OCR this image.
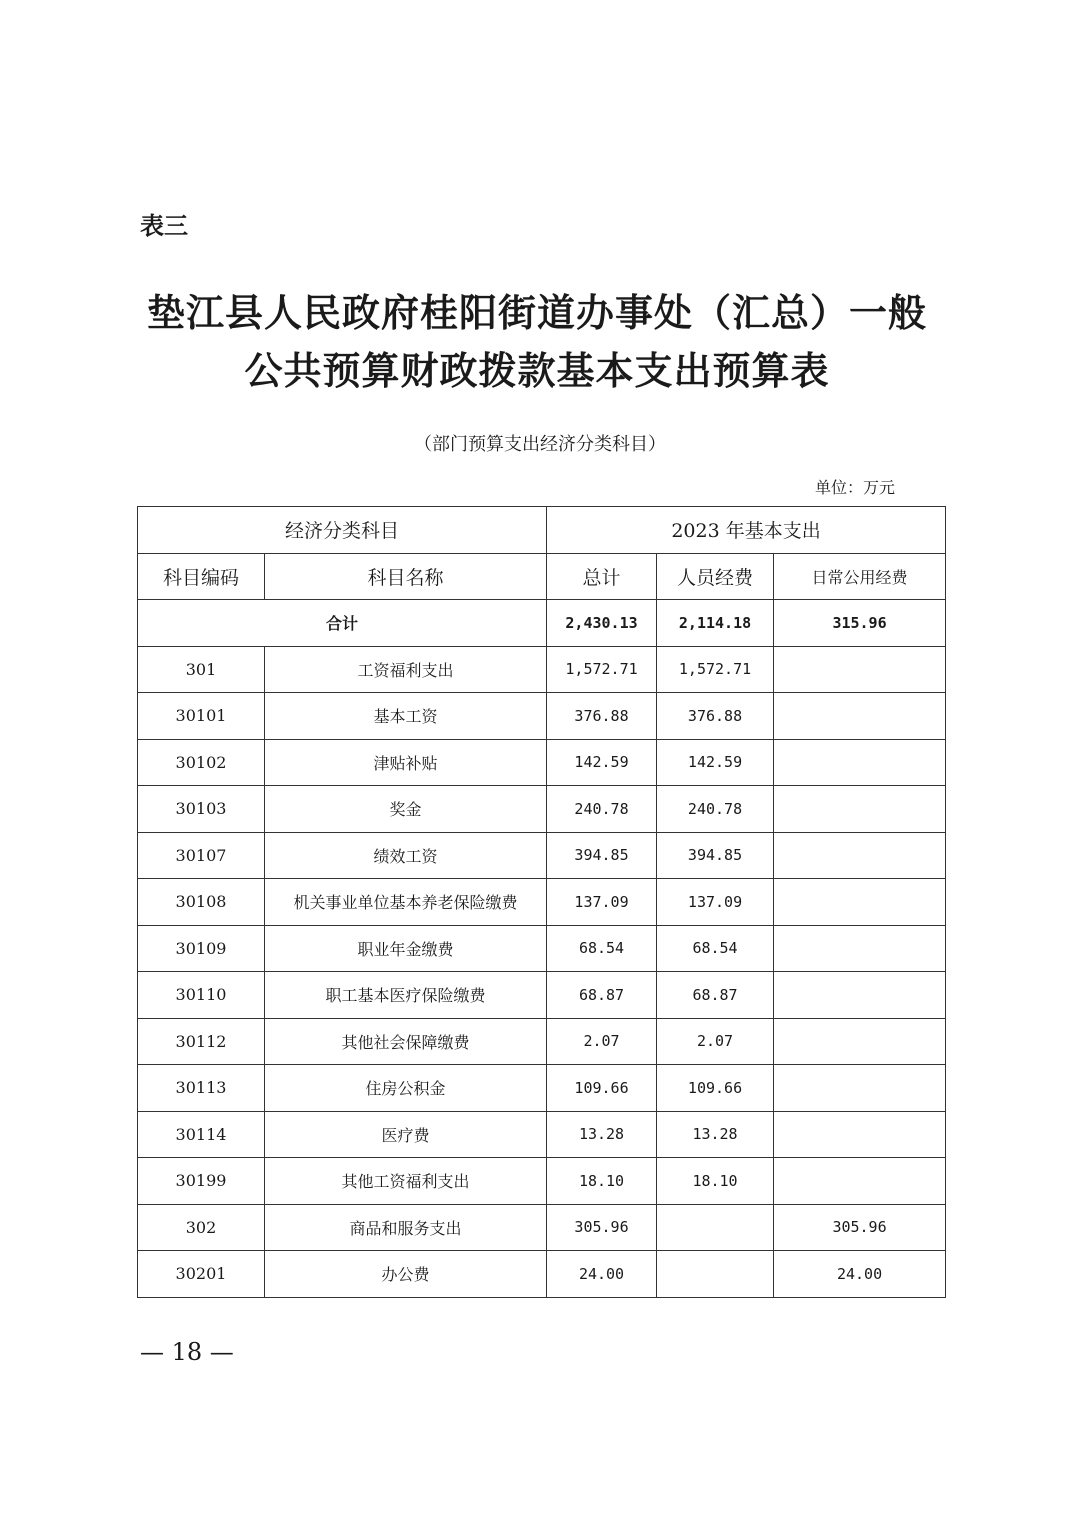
表三
垫江县人民政府桂阳街道办事处（汇总）一般
公共预算财政拨款基本支出预算表
（部门预算支出经济分类科目）
单位：万元
经济分类科目		2023 年基本支出		
科目编码	科目名称	总计	人员经费	日常公用经费
合计		2,430.13	2,114.18	315.96
301	工资福利支出	1,572.71	1,572.71	
30101	基本工资	376.88	376.88	
30102	津贴补贴	142.59	142.59	
30103	奖金	240.78	240.78	
30107	绩效工资	394.85	394.85	
30108	机关事业单位基本养老保险缴费	137.09	137.09	
30109	职业年金缴费	68.54	68.54	
30110	职工基本医疗保险缴费	68.87	68.87	
30112	其他社会保障缴费	2.07	2.07	
30113	住房公积金	109.66	109.66	
30114	医疗费	13.28	13.28	
30199	其他工资福利支出	18.10	18.10	
302	商品和服务支出	305.96		305.96
30201	办公费	24.00		24.00
— 18 —
